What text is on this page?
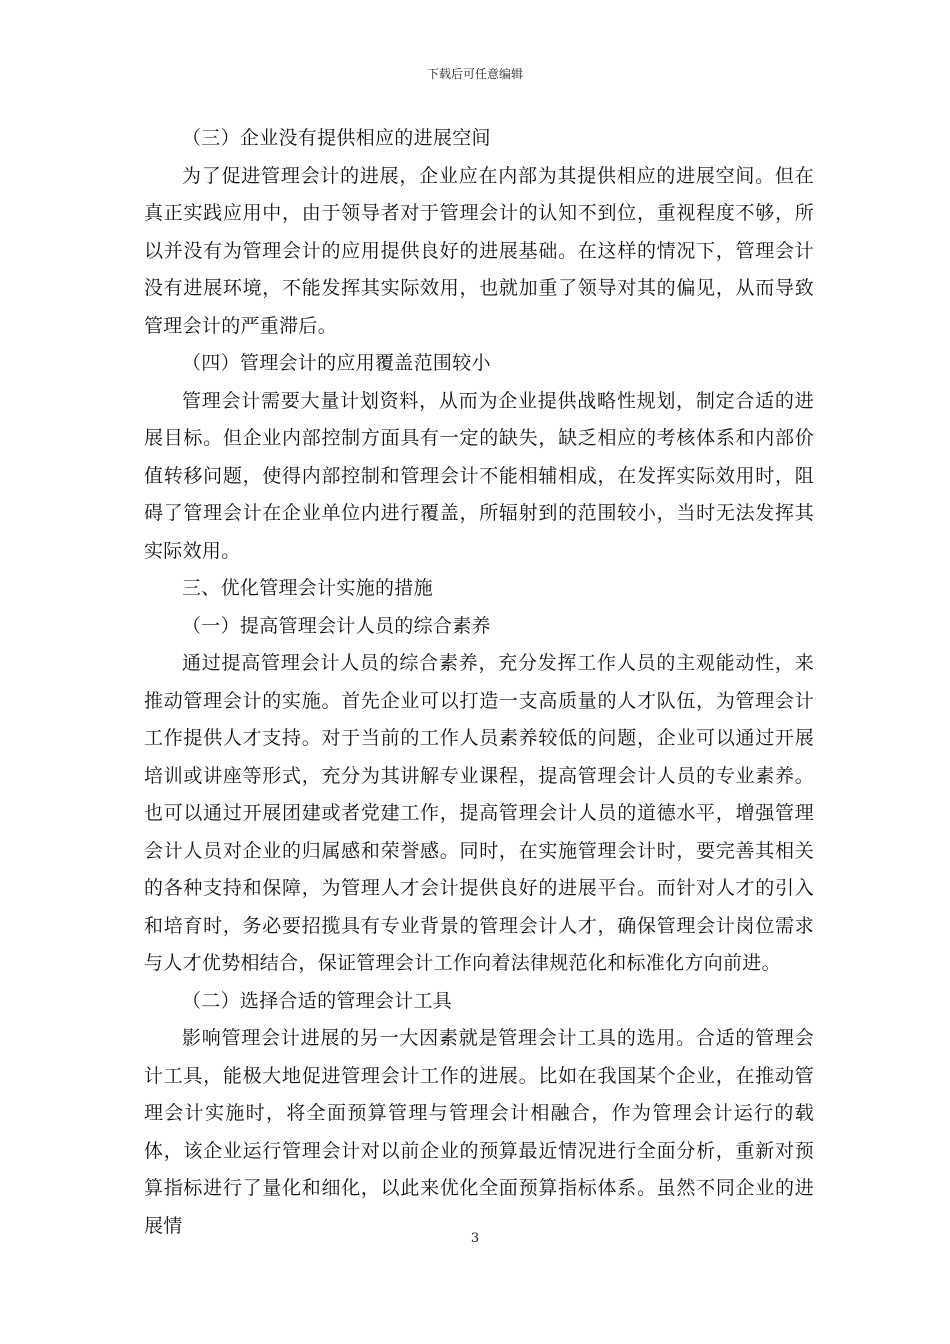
下载后可任意编辑

（三）企业没有提供相应的进展空间

为了促进管理会计的进展，企业应在内部为其提供相应的进展空间。但在真正实践应用中，由于领导者对于管理会计的认知不到位，重视程度不够，所以并没有为管理会计的应用提供良好的进展基础。在这样的情况下，管理会计没有进展环境，不能发挥其实际效用，也就加重了领导对其的偏见，从而导致管理会计的严重滞后。

（四）管理会计的应用覆盖范围较小

管理会计需要大量计划资料，从而为企业提供战略性规划，制定合适的进展目标。但企业内部控制方面具有一定的缺失，缺乏相应的考核体系和内部价值转移问题，使得内部控制和管理会计不能相辅相成，在发挥实际效用时，阻碍了管理会计在企业单位内进行覆盖，所辐射到的范围较小，当时无法发挥其实际效用。

三、优化管理会计实施的措施

（一）提高管理会计人员的综合素养

通过提高管理会计人员的综合素养，充分发挥工作人员的主观能动性，来推动管理会计的实施。首先企业可以打造一支高质量的人才队伍，为管理会计工作提供人才支持。对于当前的工作人员素养较低的问题，企业可以通过开展培训或讲座等形式，充分为其讲解专业课程，提高管理会计人员的专业素养。也可以通过开展团建或者党建工作，提高管理会计人员的道德水平，增强管理会计人员对企业的归属感和荣誉感。同时，在实施管理会计时，要完善其相关的各种支持和保障，为管理人才会计提供良好的进展平台。而针对人才的引入和培育时，务必要招揽具有专业背景的管理会计人才，确保管理会计岗位需求与人才优势相结合，保证管理会计工作向着法律规范化和标准化方向前进。

（二）选择合适的管理会计工具

影响管理会计进展的另一大因素就是管理会计工具的选用。合适的管理会计工具，能极大地促进管理会计工作的进展。比如在我国某个企业，在推动管理会计实施时，将全面预算管理与管理会计相融合，作为管理会计运行的载体，该企业运行管理会计对以前企业的预算最近情况进行全面分析，重新对预算指标进行了量化和细化，以此来优化全面预算指标体系。虽然不同企业的进展情

3
